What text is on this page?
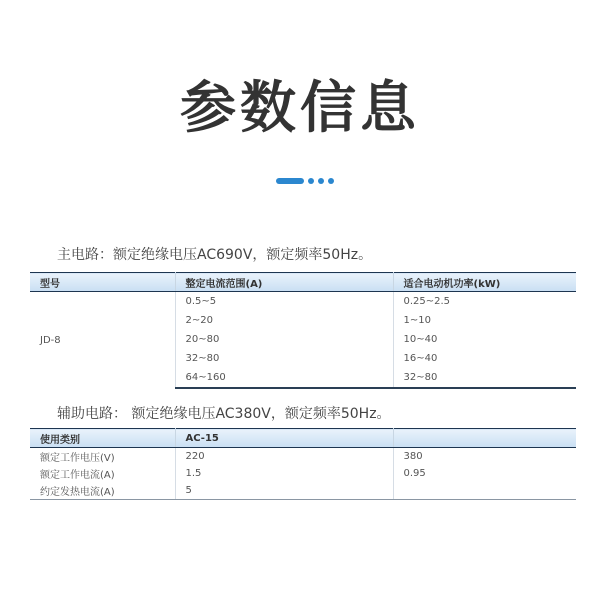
参数信息
主电路：额定绝缘电压AC690V，额定频率50Hz。
型号	整定电流范围(A)	适合电动机功率(kW)
JD-8	0.5~5	0.25~2.5
	2~20	1~10
	20~80	10~40
	32~80	16~40
	64~160	32~80
辅助电路： 额定绝缘电压AC380V，额定频率50Hz。
使用类别	AC-15	
额定工作电压(V)	220	380
额定工作电流(A)	1.5	0.95
约定发热电流(A)	5	
